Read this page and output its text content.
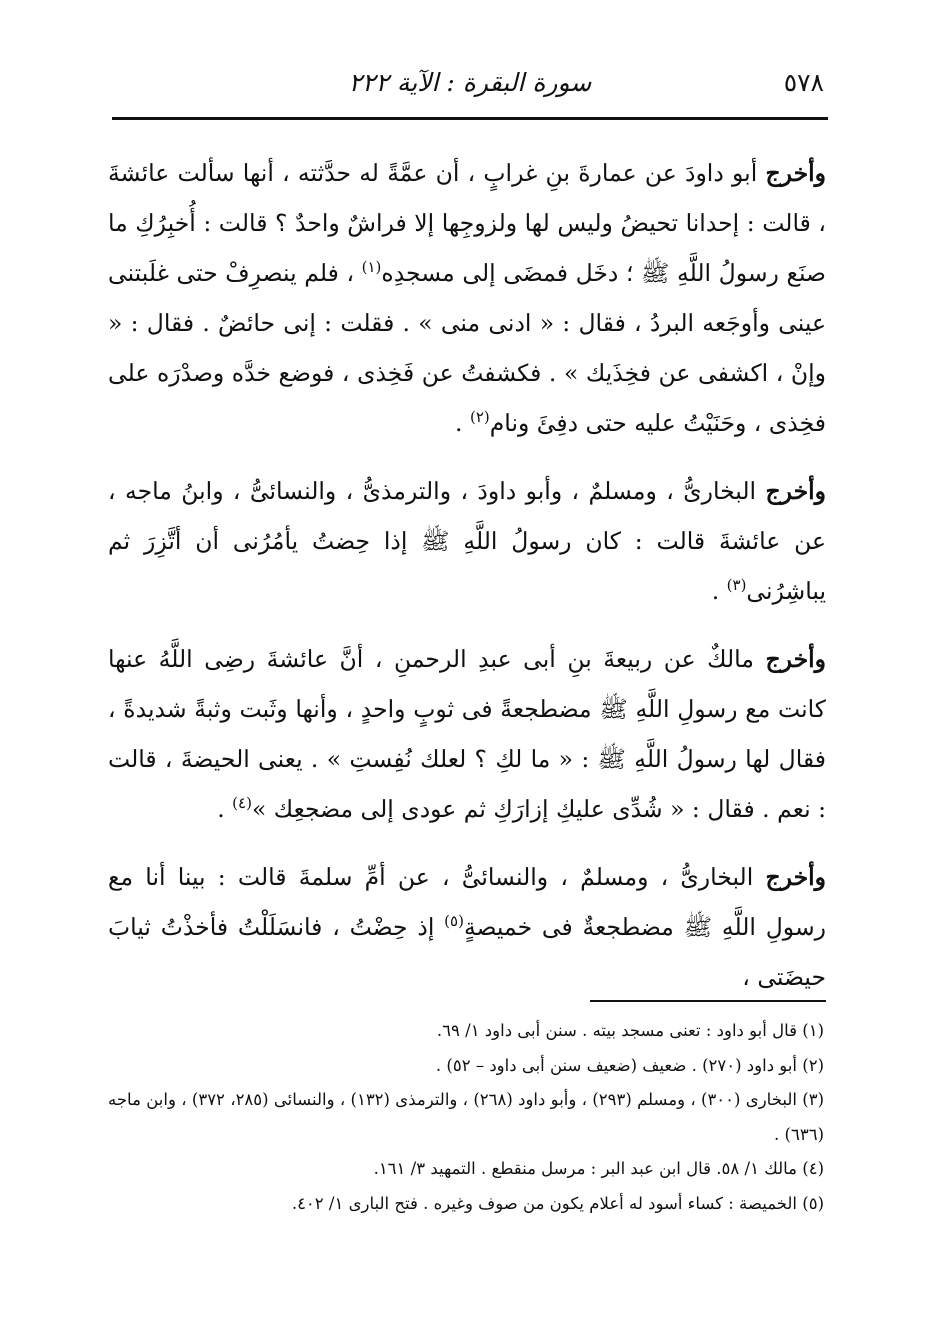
٥٧٨
سورة البقرة : الآية ٢٢٢

وأخرج أبو داودَ عن عمارةَ بنِ غرابٍ ، أن عمَّةً له حدَّثته ، أنها سألت عائشةَ ، قالت : إحدانا تحيضُ وليس لها ولزوجِها إلا فراشٌ واحدٌ ؟ قالت : أُخبِرُكِ ما صنَع رسولُ اللَّهِ ﷺ ؛ دخَل فمضَى إلى مسجدِه$^{(١)}$ ، فلم ينصرِفْ حتى غلَبتنى عينى وأوجَعه البردُ ، فقال : « ادنى منى » . فقلت : إنى حائضٌ . فقال : « وإنْ ، اكشفى عن فخِذَيك » . فكشفتُ عن فَخِذى ، فوضع خدَّه وصدْرَه على فخِذى ، وحَنَيْتُ عليه حتى دفِئَ ونام$^{(٢)}$ .

وأخرج البخارىُّ ، ومسلمٌ ، وأبو داودَ ، والترمذىُّ ، والنسائىُّ ، وابنُ ماجه ، عن عائشةَ قالت : كان رسولُ اللَّهِ ﷺ إذا حِضتُ يأمُرُنى أن أتَّزِرَ ثم يباشِرُنى$^{(٣)}$ .

وأخرج مالكٌ عن ربيعةَ بنِ أبى عبدِ الرحمنِ ، أنَّ عائشةَ رضِى اللَّهُ عنها كانت مع رسولِ اللَّهِ ﷺ مضطجعةً فى ثوبٍ واحدٍ ، وأنها وثَبت وثبةً شديدةً ، فقال لها رسولُ اللَّهِ ﷺ : « ما لكِ ؟ لعلك نُفِستِ » . يعنى الحيضةَ ، قالت : نعم . فقال : « شُدِّى عليكِ إزارَكِ ثم عودى إلى مضجعِك »$^{(٤)}$ .

وأخرج البخارىُّ ، ومسلمٌ ، والنسائىُّ ، عن أمِّ سلمةَ قالت : بينا أنا مع رسولِ اللَّهِ ﷺ مضطجعةٌ فى خميصةٍ$^{(٥)}$ إذ حِضْتُ ، فانسَلَلْتُ فأخذْتُ ثيابَ حيضَتى ،

(١) قال أبو داود : تعنى مسجد بيته . سنن أبى داود ١/ ٦٩.

(٢) أبو داود (٢٧٠) . ضعيف (ضعيف سنن أبى داود – ٥٢) .

(٣) البخارى (٣٠٠) ، ومسلم (٢٩٣) ، وأبو داود (٢٦٨) ، والترمذى (١٣٢) ، والنسائى (٢٨٥، ٣٧٢) ، وابن ماجه (٦٣٦) .

(٤) مالك ١/ ٥٨. قال ابن عبد البر : مرسل منقطع . التمهيد ٣/ ١٦١.

(٥) الخميصة : كساء أسود له أعلام يكون من صوف وغيره . فتح البارى ١/ ٤٠٢.
